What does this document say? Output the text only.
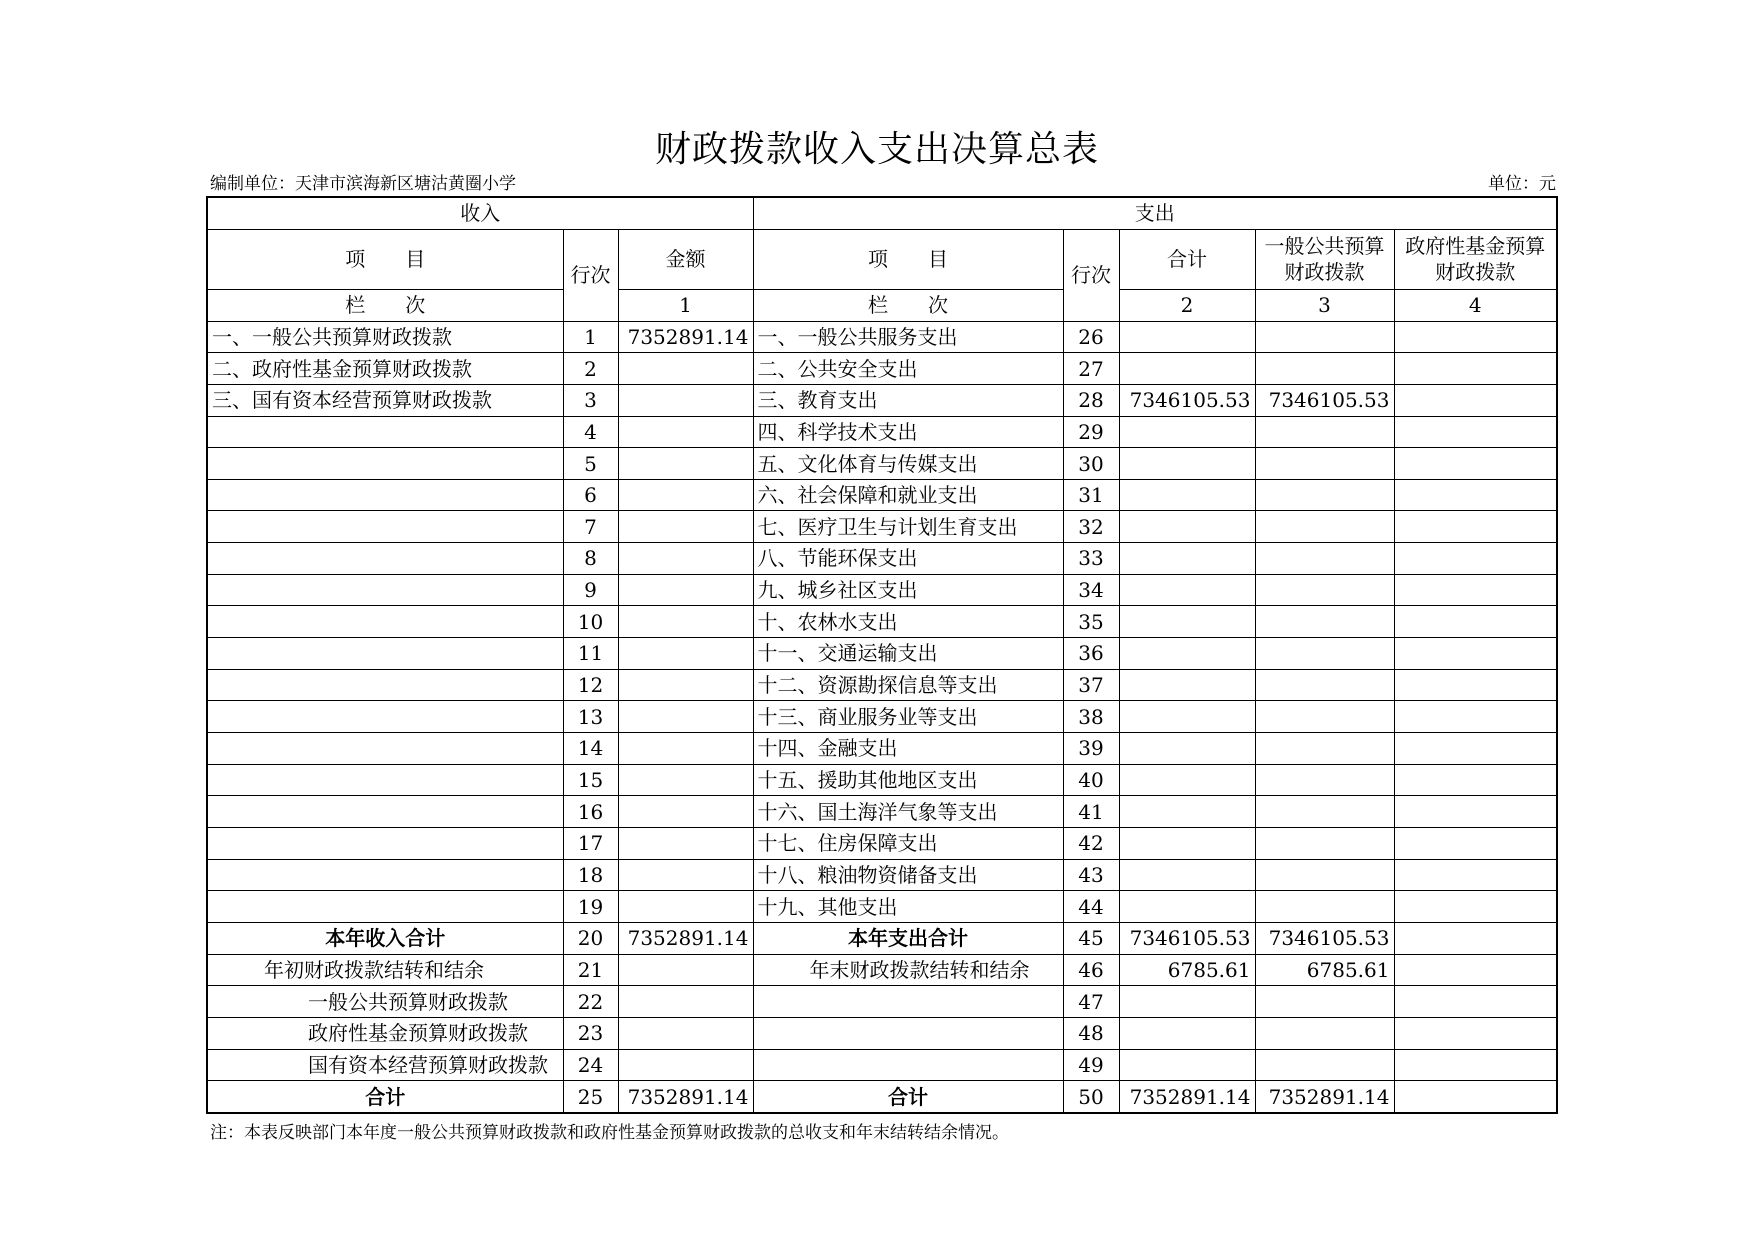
财政拨款收入支出决算总表
编制单位：天津市滨海新区塘沽黄圈小学	单位：元
收入			支出				
项　　目	行次	金额	项　　目	行次	合计	一般公共预算财政拨款	政府性基金预算财政拨款
栏　　次		1	栏　　次		2	3	4
一、一般公共预算财政拨款	1	7352891.14	一、一般公共服务支出	26			
二、政府性基金预算财政拨款	2		二、公共安全支出	27			
三、国有资本经营预算财政拨款	3		三、教育支出	28	7346105.53	7346105.53	
	4		四、科学技术支出	29			
	5		五、文化体育与传媒支出	30			
	6		六、社会保障和就业支出	31			
	7		七、医疗卫生与计划生育支出	32			
	8		八、节能环保支出	33			
	9		九、城乡社区支出	34			
	10		十、农林水支出	35			
	11		十一、交通运输支出	36			
	12		十二、资源勘探信息等支出	37			
	13		十三、商业服务业等支出	38			
	14		十四、金融支出	39			
	15		十五、援助其他地区支出	40			
	16		十六、国土海洋气象等支出	41			
	17		十七、住房保障支出	42			
	18		十八、粮油物资储备支出	43			
	19		十九、其他支出	44			
本年收入合计	20	7352891.14	本年支出合计	45	7346105.53	7346105.53	
年初财政拨款结转和结余	21		年末财政拨款结转和结余	46	6785.61	6785.61	
一般公共预算财政拨款	22			47			
政府性基金预算财政拨款	23			48			
国有资本经营预算财政拨款	24			49			
合计	25	7352891.14	合计	50	7352891.14	7352891.14	
注：本表反映部门本年度一般公共预算财政拨款和政府性基金预算财政拨款的总收支和年末结转结余情况。
